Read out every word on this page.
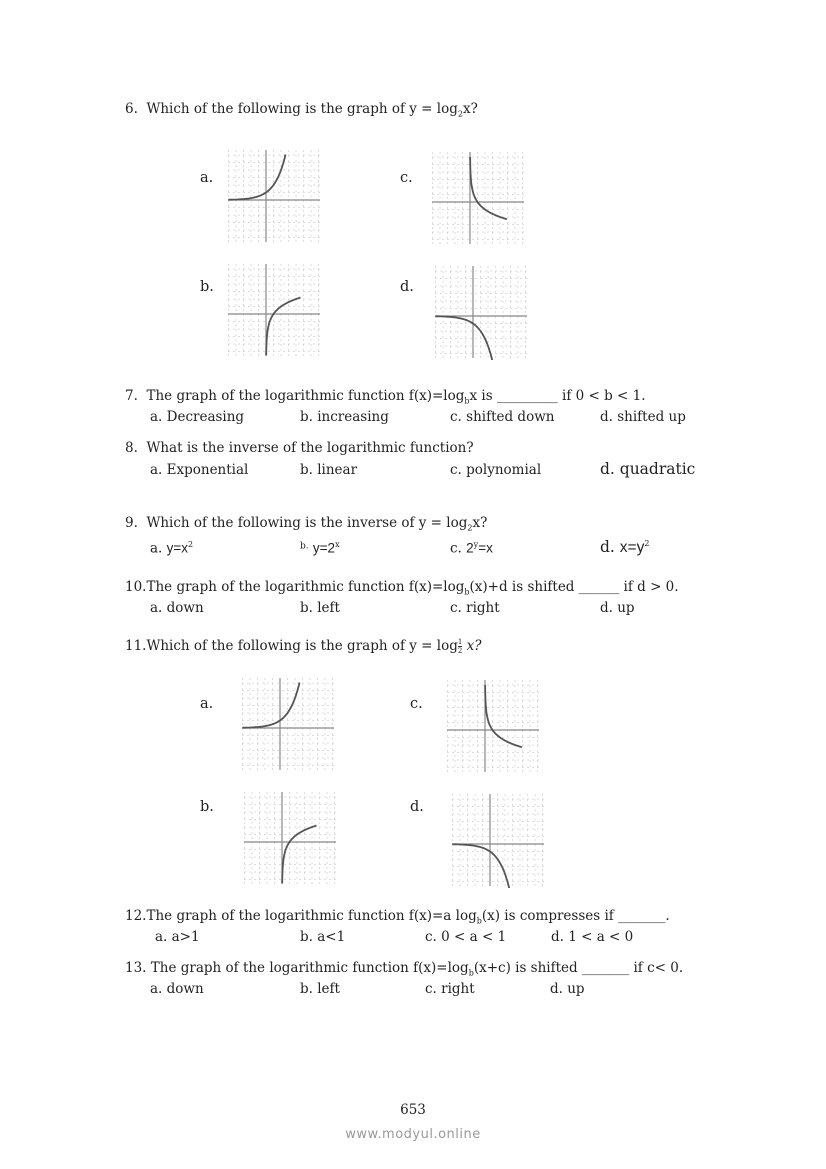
6. Which of the following is the graph of $y = \log_2x$?
a.
b.
c.
d.
7. The graph of the logarithmic function $f(x)=\log_bx$ is _________ if 0 < b < 1.
a. Decreasing	b. increasing	c. shifted down	d. shifted up
8. What is the inverse of the logarithmic function?
a. Exponential	b. linear	c. polynomial	d. quadratic
9. Which of the following is the inverse of $y = \log_2x$?
a. $y=x^2$	$^{b.}$ $y=2^x$	c. $2^y=x$	d. $x=y^2$
10.The graph of the logarithmic function $f(x)=\log_b(x)+d$ is shifted ______ if d > 0.
a. down	b. left	c. right	d. up
11.Which of the following is the graph of $y = \log \frac{1}{2} x$?
a.
b.
c.
d.
12.The graph of the logarithmic function f(x)=a $\log_b(x)$ is compresses if _______.
a. a>1	b. a<1	c. 0 < a < 1	d. 1 < a < 0
13. The graph of the logarithmic function $f(x)=\log_b(x+c)$ is shifted _______ if c< 0.
a. down	b. left	c. right	d. up
653
www.modyul.online
